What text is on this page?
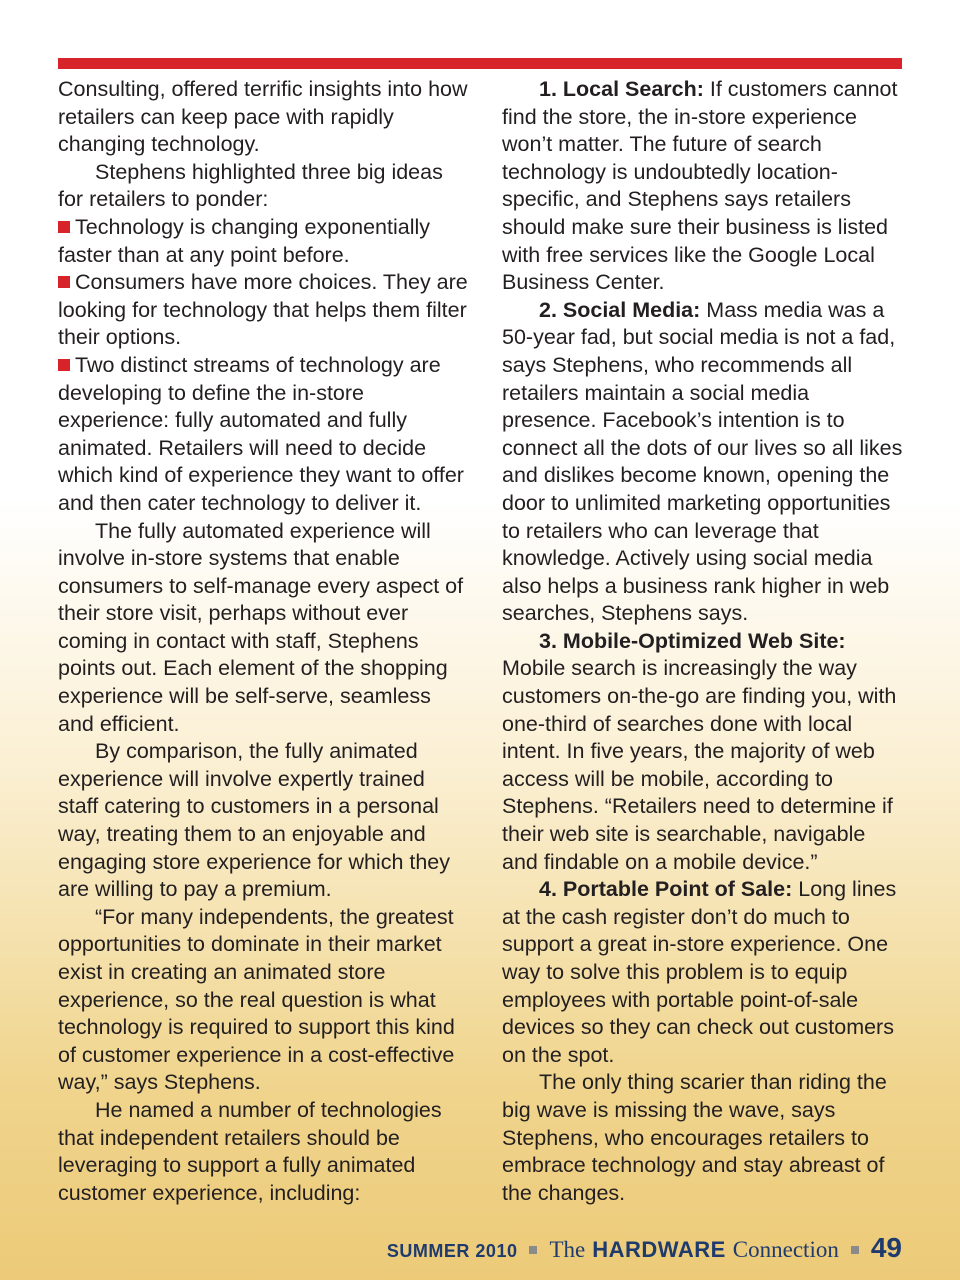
Consulting, offered terrific insights into how retailers can keep pace with rapidly changing technology.

Stephens highlighted three big ideas for retailers to ponder:

Technology is changing exponentially faster than at any point before.

Consumers have more choices. They are looking for technology that helps them filter their options.

Two distinct streams of technology are developing to define the in-store experience: fully automated and fully animated. Retailers will need to decide which kind of experience they want to offer and then cater technology to deliver it.

The fully automated experience will involve in-store systems that enable consumers to self-manage every aspect of their store visit, perhaps without ever coming in contact with staff, Stephens points out. Each element of the shopping experience will be self-serve, seamless and efficient.

By comparison, the fully animated experience will involve expertly trained staff catering to customers in a personal way, treating them to an enjoyable and engaging store experience for which they are willing to pay a premium.

“For many independents, the greatest opportunities to dominate in their market exist in creating an animated store experience, so the real question is what technology is required to support this kind of customer experience in a cost-effective way,” says Stephens.

He named a number of technologies that independent retailers should be leveraging to support a fully animated customer experience, including:

1. Local Search: If customers cannot find the store, the in-store experience won’t matter. The future of search technology is undoubtedly location-specific, and Stephens says retailers should make sure their business is listed with free services like the Google Local Business Center.

2. Social Media: Mass media was a 50-year fad, but social media is not a fad, says Stephens, who recommends all retailers maintain a social media presence. Facebook’s intention is to connect all the dots of our lives so all likes and dislikes become known, opening the door to unlimited marketing opportunities to retailers who can leverage that knowledge. Actively using social media also helps a business rank higher in web searches, Stephens says.

3. Mobile-Optimized Web Site: Mobile search is increasingly the way customers on-the-go are finding you, with one-third of searches done with local intent. In five years, the majority of web access will be mobile, according to Stephens. “Retailers need to determine if their web site is searchable, navigable and findable on a mobile device.”

4. Portable Point of Sale: Long lines at the cash register don’t do much to support a great in-store experience. One way to solve this problem is to equip employees with portable point-of-sale devices so they can check out customers on the spot.

The only thing scarier than riding the big wave is missing the wave, says Stephens, who encourages retailers to embrace technology and stay abreast of the changes.

SUMMER 2010 The HARDWARE Connection 49
